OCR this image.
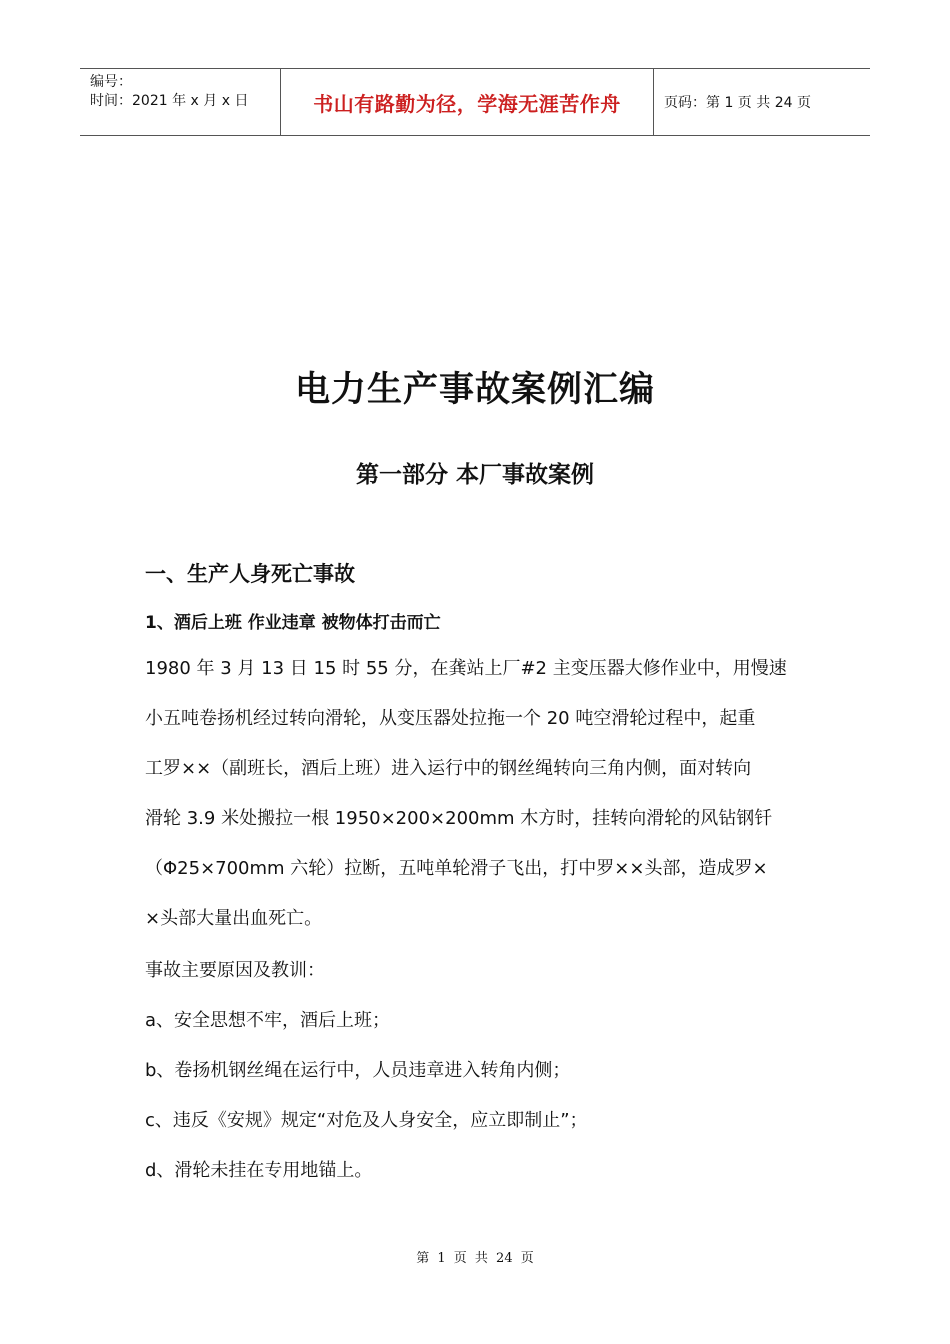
编号：
时间：2021 年 x 月 x 日	书山有路勤为径，学海无涯苦作舟	页码：第 1 页 共 24 页
电力生产事故案例汇编
第一部分 本厂事故案例
一、生产人身死亡事故
1、酒后上班 作业违章 被物体打击而亡
1980 年 3 月 13 日 15 时 55 分，在龚站上厂#2 主变压器大修作业中，用慢速
小五吨卷扬机经过转向滑轮，从变压器处拉拖一个 20 吨空滑轮过程中，起重
工罗××（副班长，酒后上班）进入运行中的钢丝绳转向三角内侧，面对转向
滑轮 3.9 米处搬拉一根 1950×200×200mm 木方时，挂转向滑轮的风钻钢钎
（Φ25×700mm 六轮）拉断，五吨单轮滑子飞出，打中罗××头部，造成罗×
×头部大量出血死亡。
事故主要原因及教训：
a、安全思想不牢，酒后上班；
b、卷扬机钢丝绳在运行中，人员违章进入转角内侧；
c、违反《安规》规定“对危及人身安全，应立即制止”；
d、滑轮未挂在专用地锚上。
第 1 页 共 24 页
